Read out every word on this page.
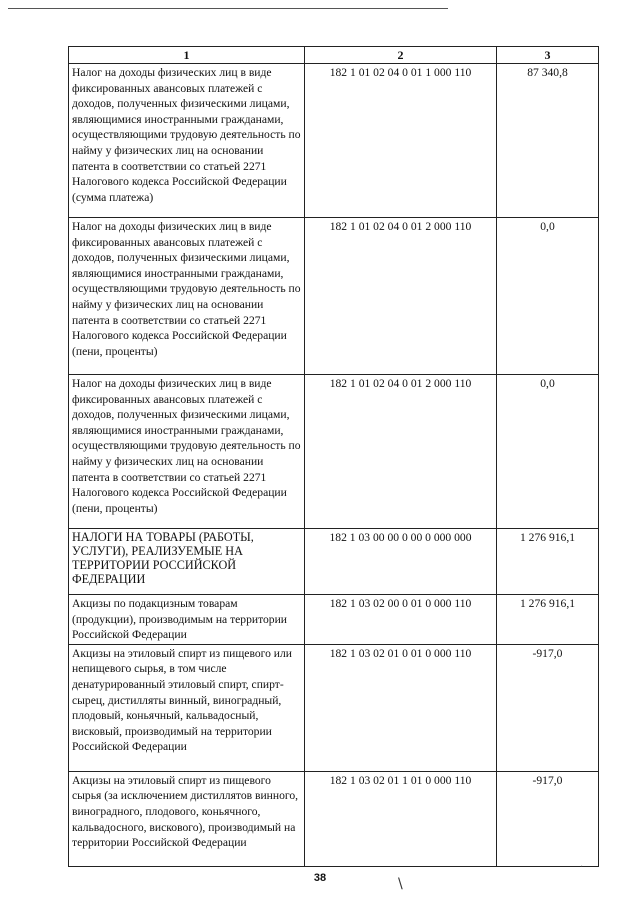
1	2	3
Налог на доходы физических лиц в виде фиксированных авансовых платежей с доходов, полученных физическими лицами, являющимися иностранными гражданами, осуществляющими трудовую деятельность по найму у физических лиц на основании патента в соответствии со статьей 2271 Налогового кодекса Российской Федерации (сумма платежа)	182 1 01 02 04 0 01 1 000 110	87 340,8
Налог на доходы физических лиц в виде фиксированных авансовых платежей с доходов, полученных физическими лицами, являющимися иностранными гражданами, осуществляющими трудовую деятельность по найму у физических лиц на основании патента в соответствии со статьей 2271 Налогового кодекса Российской Федерации (пени, проценты)	182 1 01 02 04 0 01 2 000 110	0,0
Налог на доходы физических лиц в виде фиксированных авансовых платежей с доходов, полученных физическими лицами, являющимися иностранными гражданами, осуществляющими трудовую деятельность по найму у физических лиц на основании патента в соответствии со статьей 2271 Налогового кодекса Российской Федерации (пени, проценты)	182 1 01 02 04 0 01 2 000 110	0,0
НАЛОГИ НА ТОВАРЫ (РАБОТЫ, УСЛУГИ), РЕАЛИЗУЕМЫЕ НА ТЕРРИТОРИИ РОССИЙСКОЙ ФЕДЕРАЦИИ	182 1 03 00 00 0 00 0 000 000	1 276 916,1
Акцизы по подакцизным товарам (продукции), производимым на территории Российской Федерации	182 1 03 02 00 0 01 0 000 110	1 276 916,1
Акцизы на этиловый спирт из пищевого или непищевого сырья, в том числе денатурированный этиловый спирт, спирт-сырец, дистилляты винный, виноградный, плодовый, коньячный, кальвадосный, висковый, производимый на территории Российской Федерации	182 1 03 02 01 0 01 0 000 110	-917,0
Акцизы на этиловый спирт из пищевого сырья (за исключением дистиллятов винного, виноградного, плодового, коньячного, кальвадосного, вискового), производимый на территории Российской Федерации	182 1 03 02 01 1 01 0 000 110	-917,0
38	\
·
